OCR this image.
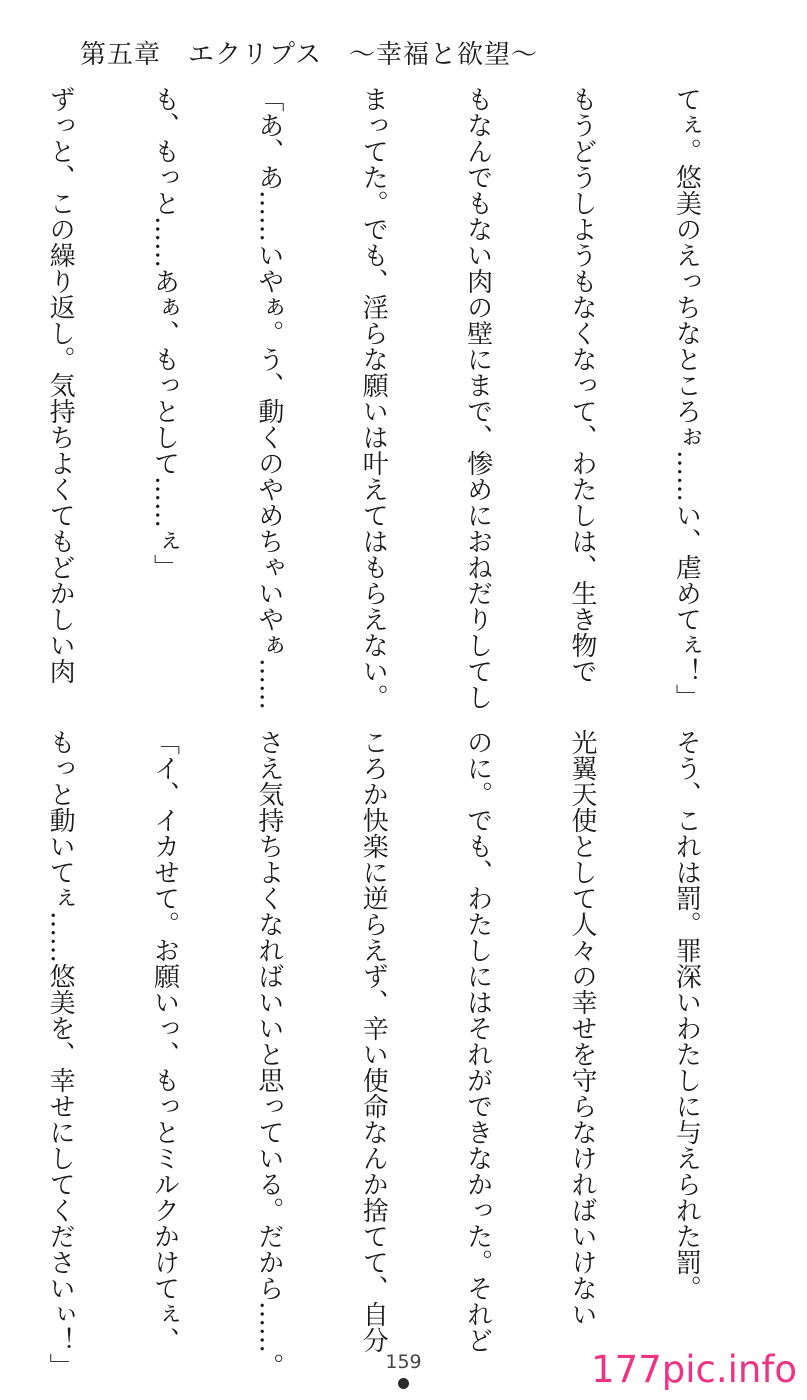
第五章　エクリプス　～幸福と欲望～

てぇ。悠美のえっちなところぉ……い、虐めてぇ！」

もうどうしようもなくなって、わたしは、生き物で

もなんでもない肉の壁にまで、惨めにおねだりしてし

まってた。でも、淫らな願いは叶えてはもらえない。

「あ、あ……いやぁ。う、動くのやめちゃいやぁ……

も、もっと……あぁ、もっとして……ぇ」

ずっと、この繰り返し。気持ちよくてもどかしい肉

そう、これは罰。罪深いわたしに与えられた罰。

光翼天使として人々の幸せを守らなければいけない

のに。でも、わたしにはそれができなかった。それど

ころか快楽に逆らえず、辛い使命なんか捨てて、自分

さえ気持ちよくなればいいと思っている。だから……。

「イ、イカせて。お願いっ、もっとミルクかけてぇ、

もっと動いてぇ……悠美を、幸せにしてくださいぃ！」

	159	177pic.info
